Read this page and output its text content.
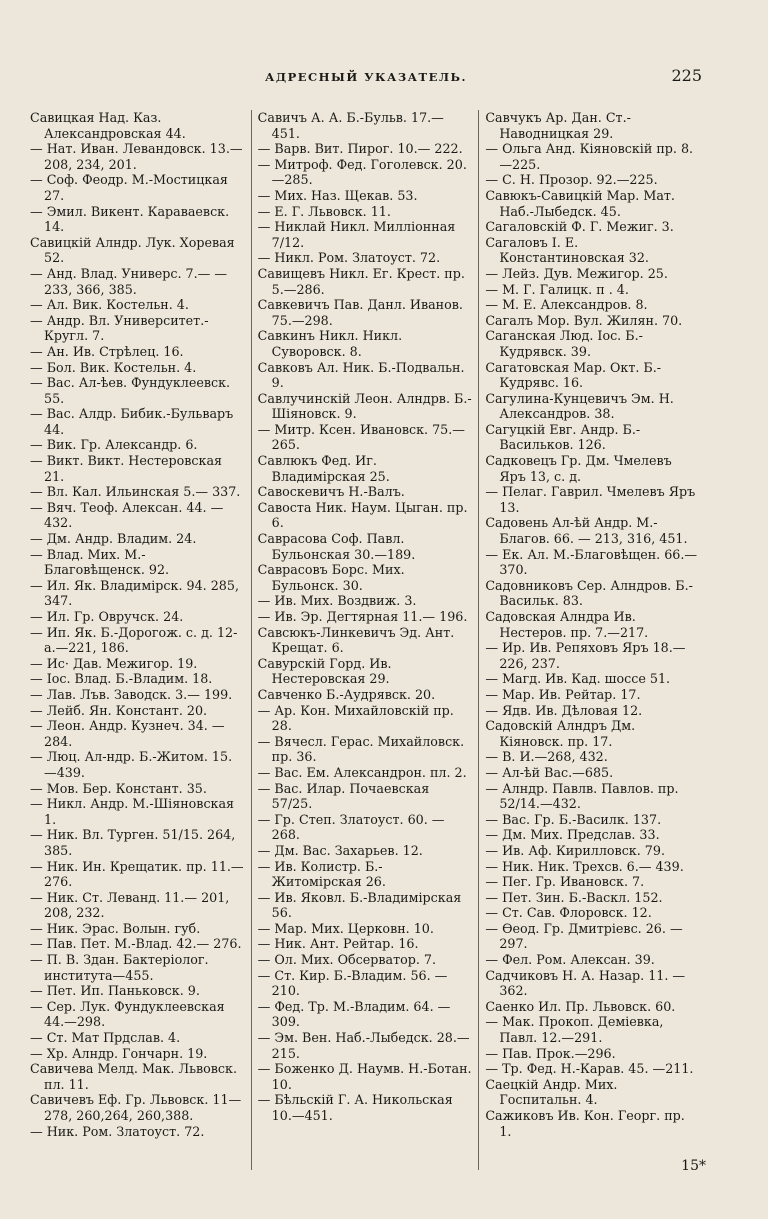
АДРЕСНЫЙ УКАЗАТЕЛЬ.	225

Савицкая Над. Каз. Александровская 44.

— Нат. Иван. Левандовск. 13.—208, 234, 201.

— Соф. Феодр. М.-Мостицкая 27.

— Эмил. Викент. Караваевск. 14.

Савицкій Алндр. Лук. Хоревая 52.

— Анд. Влад. Универс. 7.— —233, 366, 385.

— Ал. Вик. Костельн. 4.

— Андр. Вл. Университет.-Кругл. 7.

— Ан. Ив. Стрѣлец. 16.

— Бол. Вик. Костельн. 4.

— Вас. Ал-ѣев. Фундуклеевск. 55.

— Вас. Алдр. Бибик.-Бульваръ 44.

— Вик. Гр. Александр. 6.

— Викт. Викт. Нестеровская 21.

— Вл. Кал. Ильинская 5.— 337.

— Вяч. Теоф. Алексан. 44. —432.

— Дм. Андр. Владим. 24.

— Влад. Мих. М.-Благовѣщенск. 92.

— Ил. Як. Владимірск. 94. 285, 347.

— Ил. Гр. Овручск. 24.

— Ип. Як. Б.-Дорогож. с. д. 12-а.—221, 186.

— Ис· Дав. Межигор. 19.

— Іос. Влад. Б.-Владим. 18.

— Лав. Лъв. Заводск. 3.— 199.

— Лейб. Ян. Констант. 20.

— Леон. Андр. Кузнеч. 34. —284.

— Люц. Ал-ндр. Б.-Житом. 15.—439.

— Мов. Бер. Констант. 35.

— Никл. Андр. М.-Шіяновская 1.

— Ник. Вл. Турген. 51/15. 264, 385.

— Ник. Ин. Крещатик. пр. 11.—276.

— Ник. Ст. Леванд. 11.— 201, 208, 232.

— Ник. Эрас. Волын. губ.

— Пав. Пет. М.-Влад. 42.— 276.

— П. В. Здан. Бактеріолог. института—455.

— Пет. Ип. Паньковск. 9.

— Сер. Лук. Фундуклеевская 44.—298.

— Ст. Мат Прдслав. 4.

— Хр. Алндр. Гончарн. 19.

Савичева Мелд. Мак. Львовск. пл. 11.

Савичевъ Еф. Гр. Львовск. 11—278, 260,264, 260,388.

— Ник. Ром. Златоуст. 72.

Савичъ А. А. Б.-Бульв. 17.— 451.

— Варв. Вит. Пирог. 10.— 222.

— Митроф. Фед. Гоголевск. 20.—285.

— Мих. Наз. Щекав. 53.

— Е. Г. Львовск. 11.

— Никлай Никл. Милліонная 7/12.

— Никл. Ром. Златоуст. 72.

Савищевъ Никл. Ег. Крест. пр. 5.—286.

Савкевичъ Пав. Данл. Иванов. 75.—298.

Савкинъ Никл. Никл. Суворовск. 8.

Савковъ Ал. Ник. Б.-Подвальн. 9.

Савлучинскій Леон. Алндрв. Б.-Шіяновск. 9.

— Митр. Ксен. Ивановск. 75.—265.

Савлюкъ Фед. Иг. Владимірская 25.

Савоскевичъ Н.-Валъ.

Савоста Ник. Наум. Цыган. пр. 6.

Саврасова Соф. Павл. Бульонская 30.—189.

Саврасовъ Борс. Мих. Бульонск. 30.

— Ив. Мих. Воздвиж. 3.

— Ив. Эр. Дегтярная 11.— 196.

Савсюкъ-Линкевичъ Эд. Ант. Крещат. 6.

Савурскій Горд. Ив. Нестеровская 29.

Савченко Б.-Аудрявск. 20.

— Ар. Кон. Михайловскій пр. 28.

— Вячесл. Герас. Михайловск. пр. 36.

— Вас. Ем. Александрон. пл. 2.

— Вас. Илар. Почаевская 57/25.

— Гр. Степ. Златоуст. 60. —268.

— Дм. Вас. Захарьев. 12.

— Ив. Колистр. Б.-Житомірская 26.

— Ив. Яковл. Б.-Владимірская 56.

— Мар. Мих. Церковн. 10.

— Ник. Ант. Рейтар. 16.

— Ол. Мих. Обсерватор. 7.

— Ст. Кир. Б.-Владим. 56. —210.

— Фед. Тр. М.-Владим. 64. —309.

— Эм. Вен. Наб.-Лыбедск. 28.—215.

— Боженко Д. Наумв. Н.-Ботан. 10.

— Бѣльскій Г. А. Никольская 10.—451.

Савчукъ Ар. Дан. Ст.-Наводницкая 29.

— Ольга Анд. Кіяновскій пр. 8.—225.

— С. Н. Прозор. 92.—225.

Савюкъ-Савицкій Мар. Мат. Наб.-Лыбедск. 45.

Сагаловскій Ф. Г. Межиг. 3.

Сагаловъ І. Е. Константиновская 32.

— Лейз. Дув. Межигор. 25.

— М. Г. Галицк. п . 4.

— М. Е. Александров. 8.

Сагалъ Мор. Вул. Жилян. 70.

Саганская Люд. Іос. Б.-Кудрявск. 39.

Сагатовская Мар. Окт. Б.-Кудрявс. 16.

Сагулина-Кунцевичъ Эм. Н. Александров. 38.

Сагуцкій Евг. Андр. Б.-Васильков. 126.

Садковецъ Гр. Дм. Чмелевъ Яръ 13, с. д.

— Пелаг. Гаврил. Чмелевъ Яръ 13.

Садовень Ал-ѣй Андр. М.-Благов. 66. — 213, 316, 451.

— Ек. Ал. М.-Благовѣщен. 66.—370.

Садовниковъ Сер. Алндров. Б.-Васильк. 83.

Садовская Алндра Ив. Нестеров. пр. 7.—217.

— Ир. Ив. Репяховъ Яръ 18.—226, 237.

— Магд. Ив. Кад. шоссе 51.

— Мар. Ив. Рейтар. 17.

— Ядв. Ив. Дѣловая 12.

Садовскій Алндръ Дм. Кіяновск. пр. 17.

— В. И.—268, 432.

— Ал-ѣй Вас.—685.

— Алндр. Павлв. Павлов. пр. 52/14.—432.

— Вас. Гр. Б.-Василк. 137.

— Дм. Мих. Предслав. 33.

— Ив. Аф. Кирилловск. 79.

— Ник. Ник. Трехсв. 6.— 439.

— Пег. Гр. Ивановск. 7.

— Пет. Зин. Б.-Васкл. 152.

— Ст. Сав. Флоровск. 12.

— Өеод. Гр. Дмитріевс. 26. —297.

— Фел. Ром. Алексан. 39.

Садчиковъ Н. А. Назар. 11. —362.

Саенко Ил. Пр. Львовск. 60.

— Мак. Прокоп. Деміевка, Павл. 12.—291.

— Пав. Прок.—296.

— Тр. Фед. Н.-Карав. 45. —211.

Саецкій Андр. Мих. Госпитальн. 4.

Сажиковъ Ив. Кон. Георг. пр. 1.

15*
